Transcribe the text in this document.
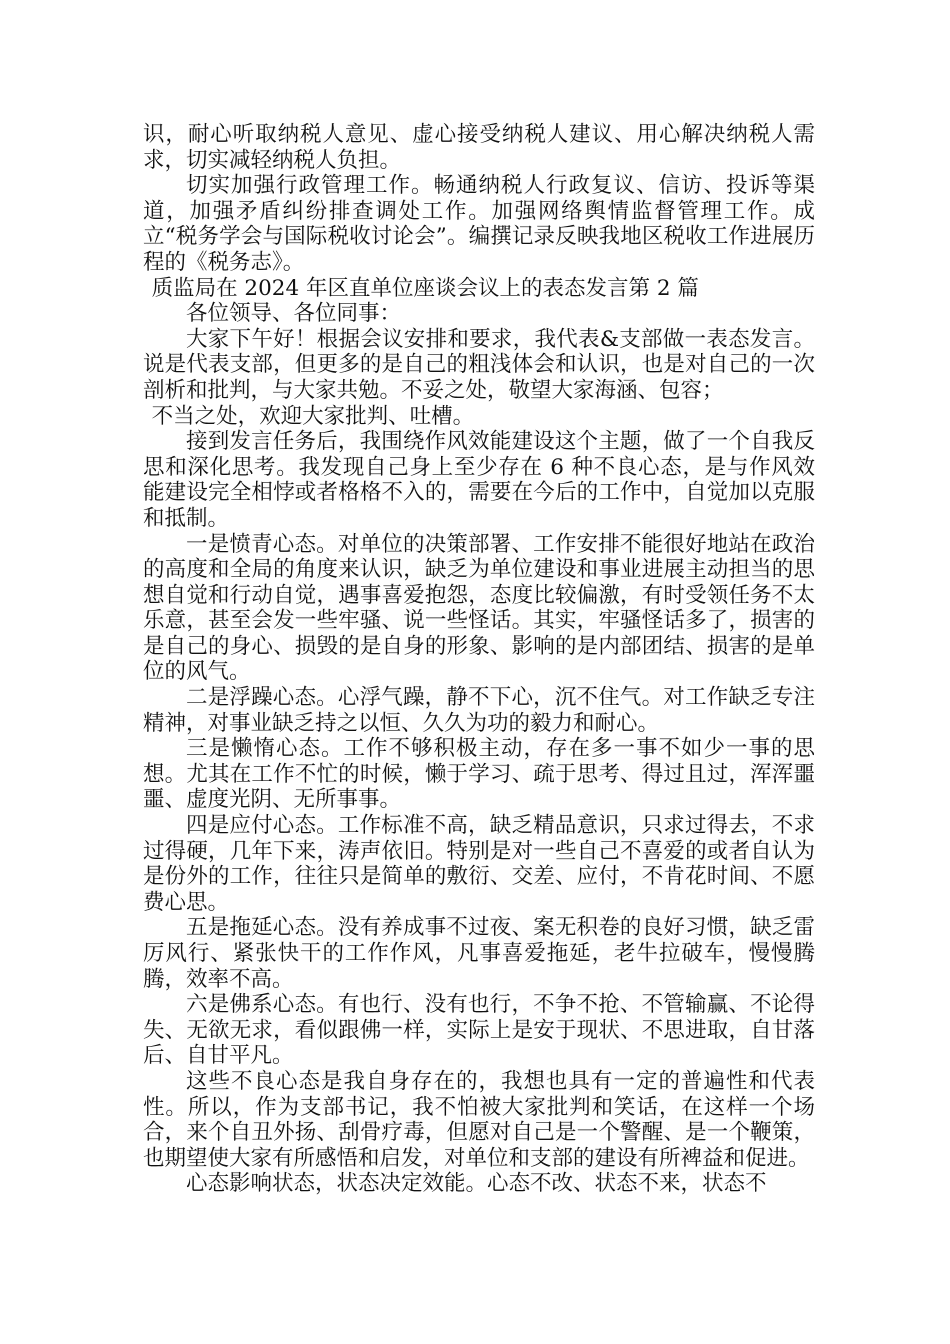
识，耐心听取纳税人意见、虚心接受纳税人建议、用心解决纳税人需求，切实减轻纳税人负担。

切实加强行政管理工作。畅通纳税人行政复议、信访、投诉等渠道，加强矛盾纠纷排查调处工作。加强网络舆情监督管理工作。成立“税务学会与国际税收讨论会”。编撰记录反映我地区税收工作进展历程的《税务志》。

质监局在 2024 年区直单位座谈会议上的表态发言第 2 篇

各位领导、各位同事：

大家下午好！根据会议安排和要求，我代表&支部做一表态发言。说是代表支部，但更多的是自己的粗浅体会和认识，也是对自己的一次剖析和批判，与大家共勉。不妥之处，敬望大家海涵、包容；

不当之处，欢迎大家批判、吐槽。

接到发言任务后，我围绕作风效能建设这个主题，做了一个自我反思和深化思考。我发现自己身上至少存在 6 种不良心态，是与作风效能建设完全相悖或者格格不入的，需要在今后的工作中，自觉加以克服和抵制。

一是愤青心态。对单位的决策部署、工作安排不能很好地站在政治的高度和全局的角度来认识，缺乏为单位建设和事业进展主动担当的思想自觉和行动自觉，遇事喜爱抱怨，态度比较偏激，有时受领任务不太乐意，甚至会发一些牢骚、说一些怪话。其实，牢骚怪话多了，损害的是自己的身心、损毁的是自身的形象、影响的是内部团结、损害的是单位的风气。

二是浮躁心态。心浮气躁，静不下心，沉不住气。对工作缺乏专注精神，对事业缺乏持之以恒、久久为功的毅力和耐心。

三是懒惰心态。工作不够积极主动，存在多一事不如少一事的思想。尤其在工作不忙的时候，懒于学习、疏于思考、得过且过，浑浑噩噩、虚度光阴、无所事事。

四是应付心态。工作标准不高，缺乏精品意识，只求过得去，不求过得硬，几年下来，涛声依旧。特别是对一些自己不喜爱的或者自认为是份外的工作，往往只是简单的敷衍、交差、应付，不肯花时间、不愿费心思。

五是拖延心态。没有养成事不过夜、案无积卷的良好习惯，缺乏雷厉风行、紧张快干的工作作风，凡事喜爱拖延，老牛拉破车，慢慢腾腾，效率不高。

六是佛系心态。有也行、没有也行，不争不抢、不管输赢、不论得失、无欲无求，看似跟佛一样，实际上是安于现状、不思进取，自甘落后、自甘平凡。

这些不良心态是我自身存在的，我想也具有一定的普遍性和代表性。所以，作为支部书记，我不怕被大家批判和笑话，在这样一个场合，来个自丑外扬、刮骨疗毒，但愿对自己是一个警醒、是一个鞭策，也期望使大家有所感悟和启发，对单位和支部的建设有所裨益和促进。

心态影响状态，状态决定效能。心态不改、状态不来，状态不
